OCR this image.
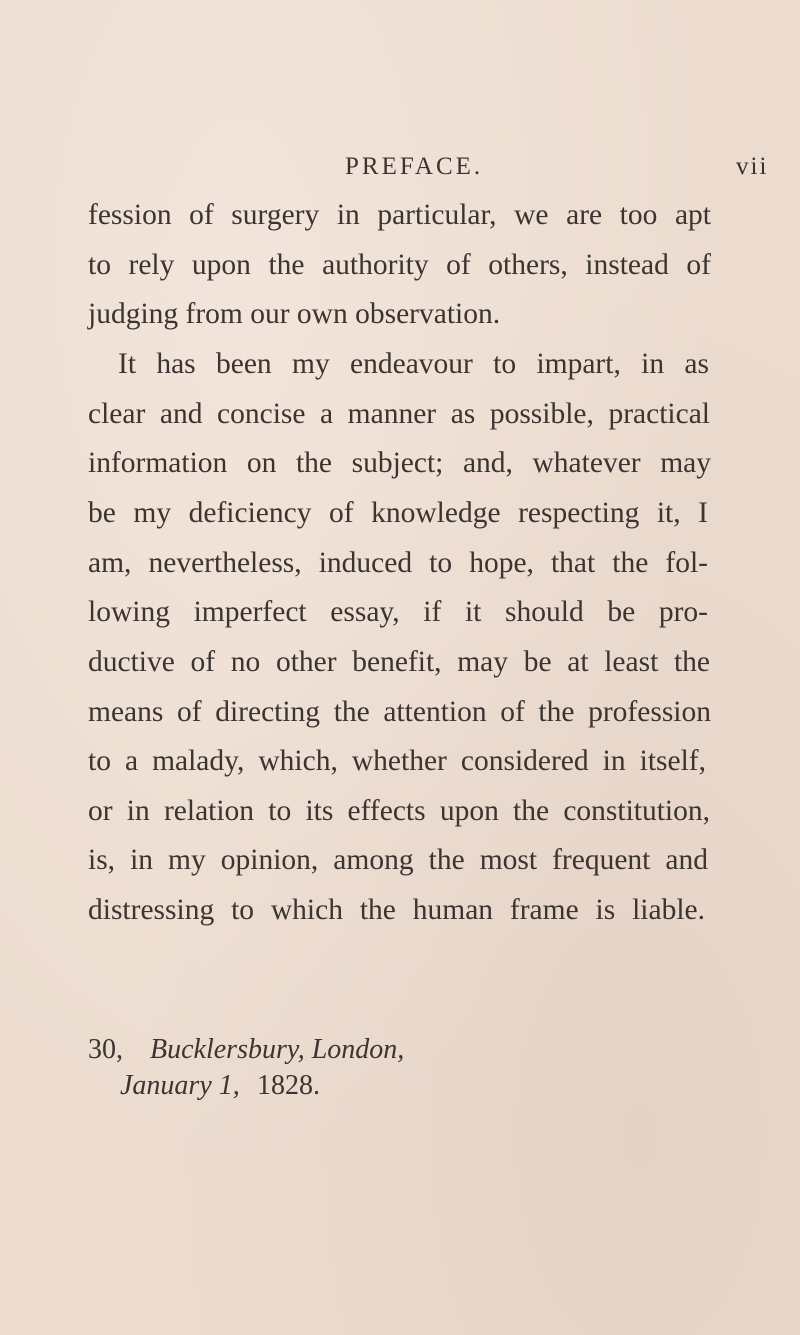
PREFACE.	vii
fession of surgery in particular, we are too apt
to rely upon the authority of others, instead of
judging from our own observation.
It has been my endeavour to impart, in as
clear and concise a manner as possible, practical
information on the subject; and, whatever may
be my deficiency of knowledge respecting it, I
am, nevertheless, induced to hope, that the fol-
lowing imperfect essay, if it should be pro-
ductive of no other benefit, may be at least the
means of directing the attention of the profession
to a malady, which, whether considered in itself,
or in relation to its effects upon the constitution,
is, in my opinion, among the most frequent and
distressing to which the human frame is liable.
30, Bucklersbury, London,
January 1, 1828.
